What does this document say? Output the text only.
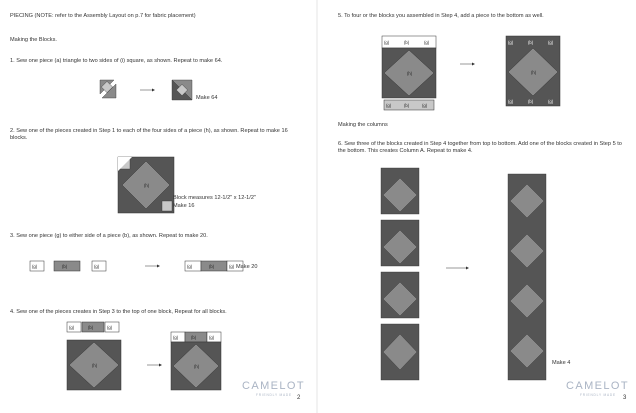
PIECING (NOTE: refer to the Assembly Layout on p.7 for fabric placement)
Making the Blocks.
1. Sew one piece (a) triangle to two sides of (i) square, as shown. Repeat to make 64.
Make 64
2. Sew one of the pieces created in Step 1 to each of the four sides of a piece (h), as shown. Repeat to make 16 blocks.
(h)
Block measures 12-1/2" x 12-1/2"
Make 16
3. Sew one piece (g) to either side of a piece (b), as shown. Repeat to make 20.
(g)	(b)	(g)	(g)	(b)	(g) Make 20
4. Sew one of the pieces creates in Step 3 to the top of one block, Repeat for all blocks.
(g)	(b)	(g)
(h)
(g)	(b)	(g)
(h)
CAMELOT
FRIENDLY MADE 2
5. To four or the blocks you assembled in Step 4, add a piece to the bottom as well.
(g)	(b)	(g)
(h)
(g)	(b)	(g)
(h)
(g)	(b)	(g)
(g)	(b)	(g)
Making the columns
6. Sew three of the blocks created in Step 4 together from top to bottom. Add one of the blocks created in Step 5 to the bottom. This creates Column A. Repeat to make 4.
Make 4
CAMELOT
FRIENDLY MADE 3
